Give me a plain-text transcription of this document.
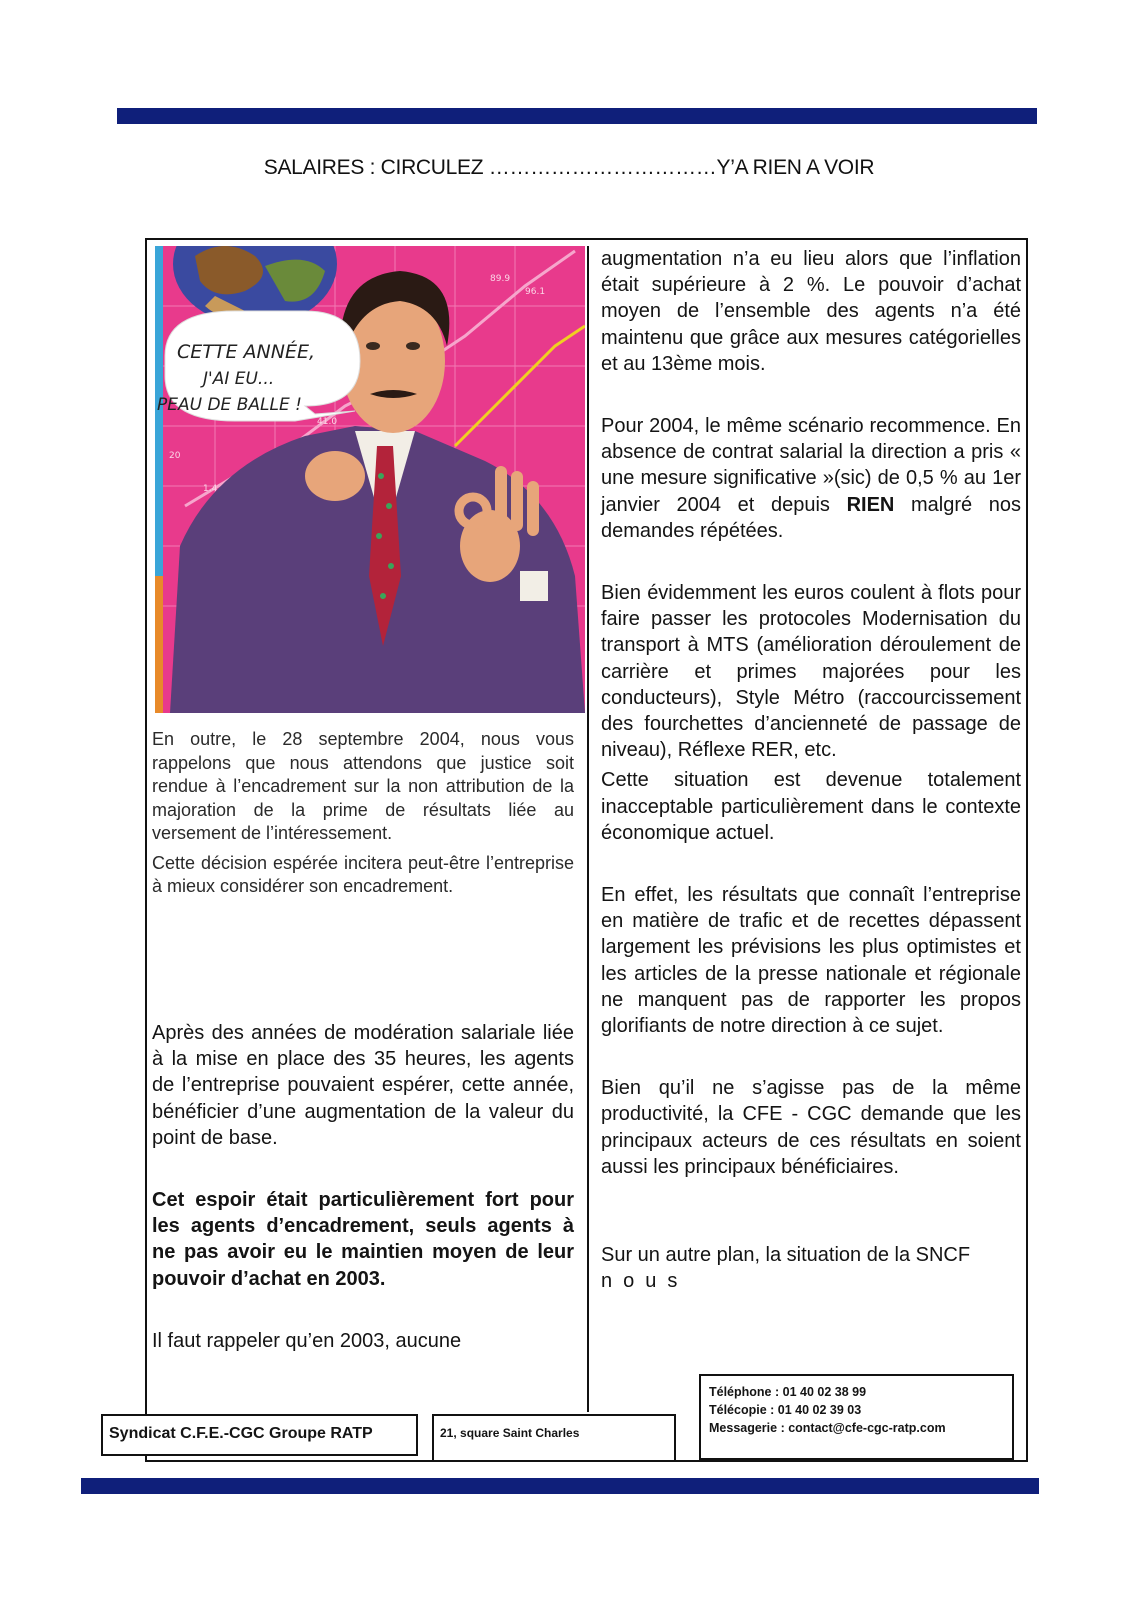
SALAIRES : CIRCULEZ ……………………………Y’A RIEN A VOIR
89.9
96.1
41.0
1.4
20
CETTE ANNÉE,
J'AI EU...
PEAU DE BALLE !

En outre, le 28 septembre 2004, nous vous rappelons que nous attendons que justice soit rendue à l’encadrement sur la non attribution de la majoration de la prime de résultats liée au versement de l’intéressement.

Cette décision espérée incitera peut-être l’entreprise à mieux considérer son encadrement.

Après des années de modération salariale liée à la mise en place des 35 heures, les agents de l’entreprise pouvaient espérer, cette année, bénéficier d’une augmentation de la valeur du point de base.

Cet espoir était particulièrement fort pour les agents d’encadrement, seuls agents à ne pas avoir eu le maintien moyen de leur pouvoir d’achat en 2003.

Il faut rappeler qu’en 2003, aucune

augmentation n’a eu lieu alors que l’inflation était supérieure à 2 %. Le pouvoir d’achat moyen de l’ensemble des agents n’a été maintenu que grâce aux mesures catégorielles et au 13ème mois.

Pour 2004, le même scénario recommence. En absence de contrat salarial la direction a pris « une mesure significative »(sic) de 0,5 % au 1er janvier 2004 et depuis RIEN malgré nos demandes répétées.

Bien évidemment les euros coulent à flots pour faire passer les protocoles Modernisation du transport à MTS (amélioration déroulement de carrière et primes majorées pour les conducteurs), Style Métro (raccourcissement des fourchettes d’ancienneté de passage de niveau), Réflexe RER, etc.

Cette situation est devenue totalement inacceptable particulièrement dans le contexte économique actuel.

En effet, les résultats que connaît l’entreprise en matière de trafic et de recettes dépassent largement les prévisions les plus optimistes et les articles de la presse nationale et régionale ne manquent pas de rapporter les propos glorifiants de notre direction à ce sujet.

Bien qu’il ne s’agisse pas de la même productivité, la CFE - CGC demande que les principaux acteurs de ces résultats en soient aussi les principaux bénéficiaires.

Sur un autre plan, la situation de la SNCF

nous

Syndicat C.F.E.-CGC Groupe RATP	21, square Saint Charles
Téléphone : 01 40 02 38 99
Télécopie : 01 40 02 39 03
Messagerie : contact@cfe-cgc-ratp.com
